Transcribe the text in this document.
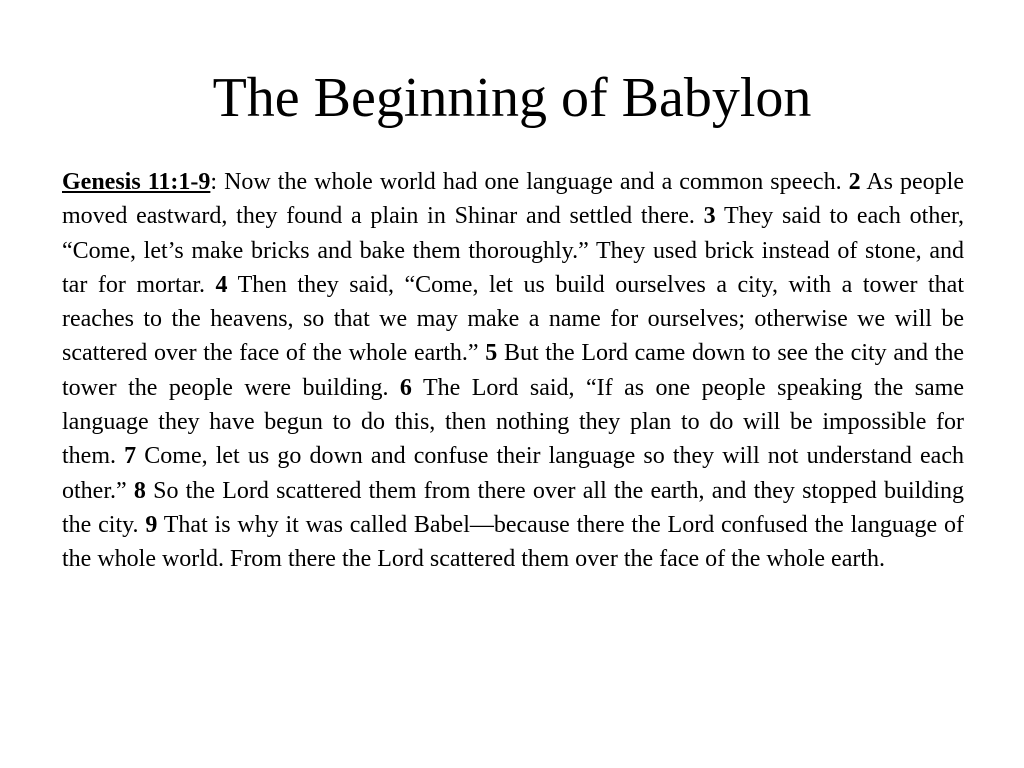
The Beginning of Babylon

Genesis 11:1-9: Now the whole world had one language and a common speech. 2 As people moved eastward, they found a plain in Shinar and settled there. 3 They said to each other, “Come, let’s make bricks and bake them thoroughly.” They used brick instead of stone, and tar for mortar. 4 Then they said, “Come, let us build ourselves a city, with a tower that reaches to the heavens, so that we may make a name for ourselves; otherwise we will be scattered over the face of the whole earth.” 5 But the Lord came down to see the city and the tower the people were building. 6 The Lord said, “If as one people speaking the same language they have begun to do this, then nothing they plan to do will be impossible for them. 7 Come, let us go down and confuse their language so they will not understand each other.” 8 So the Lord scattered them from there over all the earth, and they stopped building the city. 9 That is why it was called Babel—because there the Lord confused the language of the whole world. From there the Lord scattered them over the face of the whole earth.
